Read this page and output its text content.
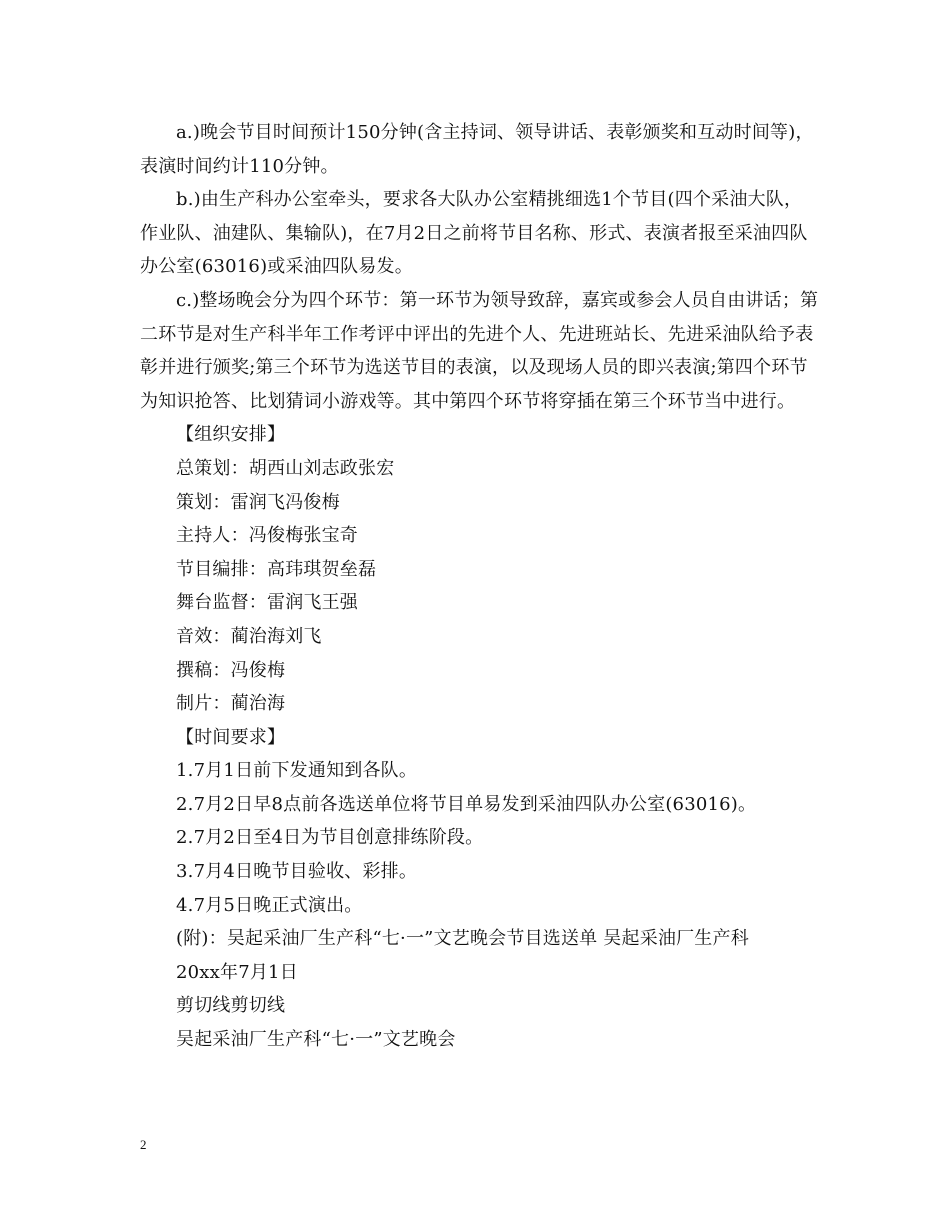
a.)晚会节目时间预计150分钟(含主持词、领导讲话、表彰颁奖和互动时间等)，表演时间约计110分钟。

b.)由生产科办公室牵头，要求各大队办公室精挑细选1个节目(四个采油大队，作业队、油建队、集输队)，在7月2日之前将节目名称、形式、表演者报至采油四队办公室(63016)或采油四队易发。

c.)整场晚会分为四个环节：第一环节为领导致辞，嘉宾或参会人员自由讲话；第二环节是对生产科半年工作考评中评出的先进个人、先进班站长、先进采油队给予表彰并进行颁奖;第三个环节为选送节目的表演，以及现场人员的即兴表演;第四个环节为知识抢答、比划猜词小游戏等。其中第四个环节将穿插在第三个环节当中进行。

【组织安排】

总策划：胡西山刘志政张宏

策划：雷润飞冯俊梅

主持人：冯俊梅张宝奇

节目编排：高玮琪贺垒磊

舞台监督：雷润飞王强

音效：蔺治海刘飞

撰稿：冯俊梅

制片：蔺治海

【时间要求】

1.7月1日前下发通知到各队。

2.7月2日早8点前各选送单位将节目单易发到采油四队办公室(63016)。

2.7月2日至4日为节目创意排练阶段。

3.7月4日晚节目验收、彩排。

4.7月5日晚正式演出。

(附)：吴起采油厂生产科“七·一”文艺晚会节目选送单 吴起采油厂生产科

20xx年7月1日

剪切线剪切线

吴起采油厂生产科“七·一”文艺晚会

2
